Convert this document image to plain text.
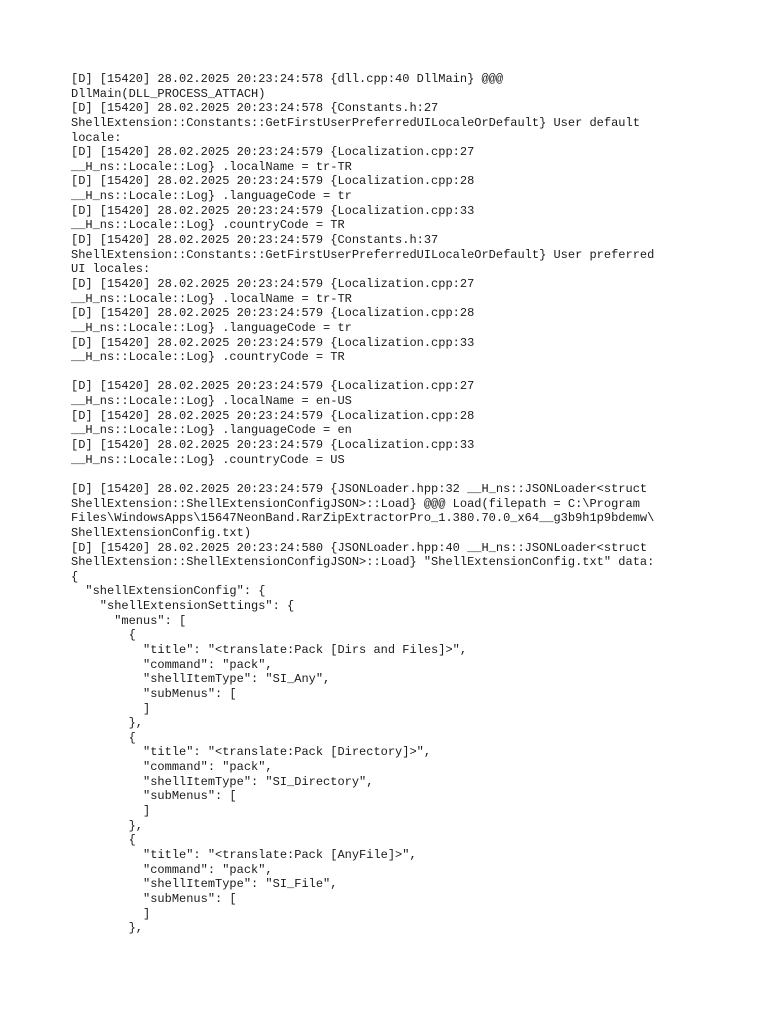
[D] [15420] 28.02.2025 20:23:24:578 {dll.cpp:40 DllMain} @@@
DllMain(DLL_PROCESS_ATTACH)
[D] [15420] 28.02.2025 20:23:24:578 {Constants.h:27
ShellExtension::Constants::GetFirstUserPreferredUILocaleOrDefault} User default
locale:
[D] [15420] 28.02.2025 20:23:24:579 {Localization.cpp:27
__H_ns::Locale::Log} .localName = tr-TR
[D] [15420] 28.02.2025 20:23:24:579 {Localization.cpp:28
__H_ns::Locale::Log} .languageCode = tr
[D] [15420] 28.02.2025 20:23:24:579 {Localization.cpp:33
__H_ns::Locale::Log} .countryCode = TR
[D] [15420] 28.02.2025 20:23:24:579 {Constants.h:37
ShellExtension::Constants::GetFirstUserPreferredUILocaleOrDefault} User preferred
UI locales:
[D] [15420] 28.02.2025 20:23:24:579 {Localization.cpp:27
__H_ns::Locale::Log} .localName = tr-TR
[D] [15420] 28.02.2025 20:23:24:579 {Localization.cpp:28
__H_ns::Locale::Log} .languageCode = tr
[D] [15420] 28.02.2025 20:23:24:579 {Localization.cpp:33
__H_ns::Locale::Log} .countryCode = TR
[D] [15420] 28.02.2025 20:23:24:579 {Localization.cpp:27
__H_ns::Locale::Log} .localName = en-US
[D] [15420] 28.02.2025 20:23:24:579 {Localization.cpp:28
__H_ns::Locale::Log} .languageCode = en
[D] [15420] 28.02.2025 20:23:24:579 {Localization.cpp:33
__H_ns::Locale::Log} .countryCode = US
[D] [15420] 28.02.2025 20:23:24:579 {JSONLoader.hpp:32 __H_ns::JSONLoader<struct
ShellExtension::ShellExtensionConfigJSON>::Load} @@@ Load(filepath = C:\Program
Files\WindowsApps\15647NeonBand.RarZipExtractorPro_1.380.70.0_x64__g3b9h1p9bdemw\
ShellExtensionConfig.txt)
[D] [15420] 28.02.2025 20:23:24:580 {JSONLoader.hpp:40 __H_ns::JSONLoader<struct
ShellExtension::ShellExtensionConfigJSON>::Load} "ShellExtensionConfig.txt" data:
{
"shellExtensionConfig": {
"shellExtensionSettings": {
"menus": [
{
"title": "<translate:Pack [Dirs and Files]>",
"command": "pack",
"shellItemType": "SI_Any",
"subMenus": [
]
},
{
"title": "<translate:Pack [Directory]>",
"command": "pack",
"shellItemType": "SI_Directory",
"subMenus": [
]
},
{
"title": "<translate:Pack [AnyFile]>",
"command": "pack",
"shellItemType": "SI_File",
"subMenus": [
]
},
